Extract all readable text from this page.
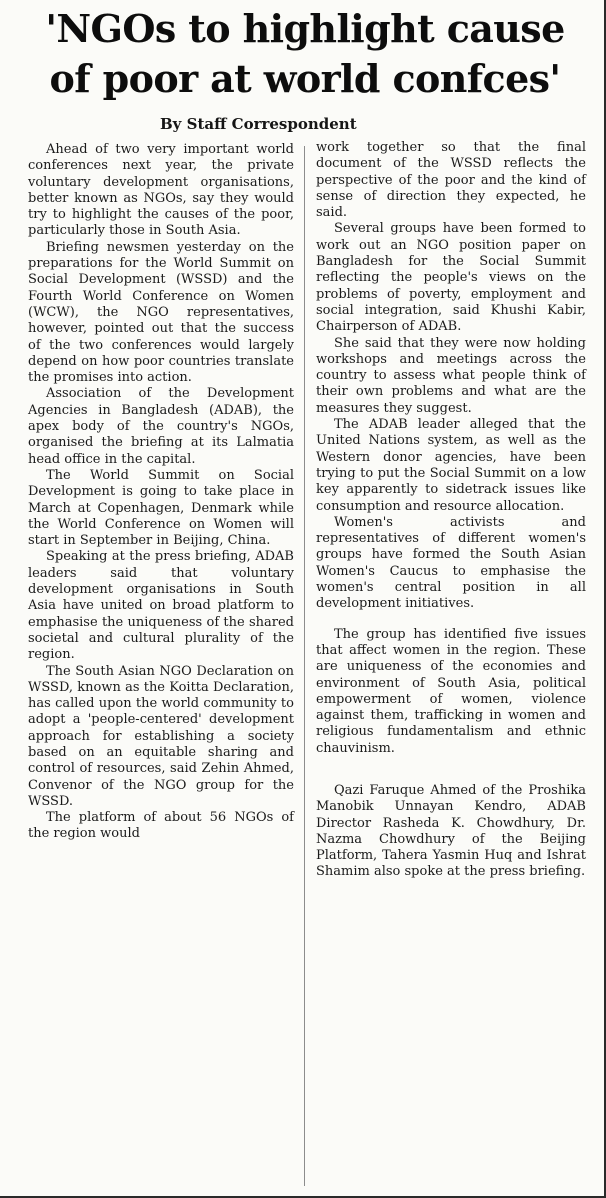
'NGOs to highlight cause
of poor at world confces'
By Staff Correspondent

Ahead of two very important world conferences next year, the private voluntary development organisations, better known as NGOs, say they would try to highlight the causes of the poor, particularly those in South Asia.

Briefing newsmen yesterday on the preparations for the World Summit on Social Development (WSSD) and the Fourth World Conference on Women (WCW), the NGO representatives, however, pointed out that the success of the two conferences would largely depend on how poor countries translate the promises into action.

Association of the Development Agencies in Bangladesh (ADAB), the apex body of the country's NGOs, organised the briefing at its Lalmatia head office in the capital.

The World Summit on Social Development is going to take place in March at Copenhagen, Denmark while the World Conference on Women will start in September in Beijing, China.

Speaking at the press briefing, ADAB leaders said that voluntary development organisations in South Asia have united on broad platform to emphasise the uniqueness of the shared societal and cultural plurality of the region.

The South Asian NGO Declaration on WSSD, known as the Koitta Declaration, has called upon the world community to adopt a 'people-centered' development approach for establishing a society based on an equitable sharing and control of resources, said Zehin Ahmed, Convenor of the NGO group for the WSSD.

The platform of about 56 NGOs of the region would

work together so that the final document of the WSSD reflects the perspective of the poor and the kind of sense of direction they expected, he said.

Several groups have been formed to work out an NGO position paper on Bangladesh for the Social Summit reflecting the people's views on the problems of poverty, employment and social integration, said Khushi Kabir, Chairperson of ADAB.

She said that they were now holding workshops and meetings across the country to assess what people think of their own problems and what are the measures they suggest.

The ADAB leader alleged that the United Nations system, as well as the Western donor agencies, have been trying to put the Social Summit on a low key apparently to sidetrack issues like consumption and resource allocation.

Women's activists and representatives of different women's groups have formed the South Asian Women's Caucus to emphasise the women's central position in all development initiatives.

The group has identified five issues that affect women in the region. These are uniqueness of the economies and environment of South Asia, political empowerment of women, violence against them, trafficking in women and religious fundamentalism and ethnic chauvinism.

Qazi Faruque Ahmed of the Proshika Manobik Unnayan Kendro, ADAB Director Rasheda K. Chowdhury, Dr. Nazma Chowdhury of the Beijing Platform, Tahera Yasmin Huq and Ishrat Shamim also spoke at the press briefing.
